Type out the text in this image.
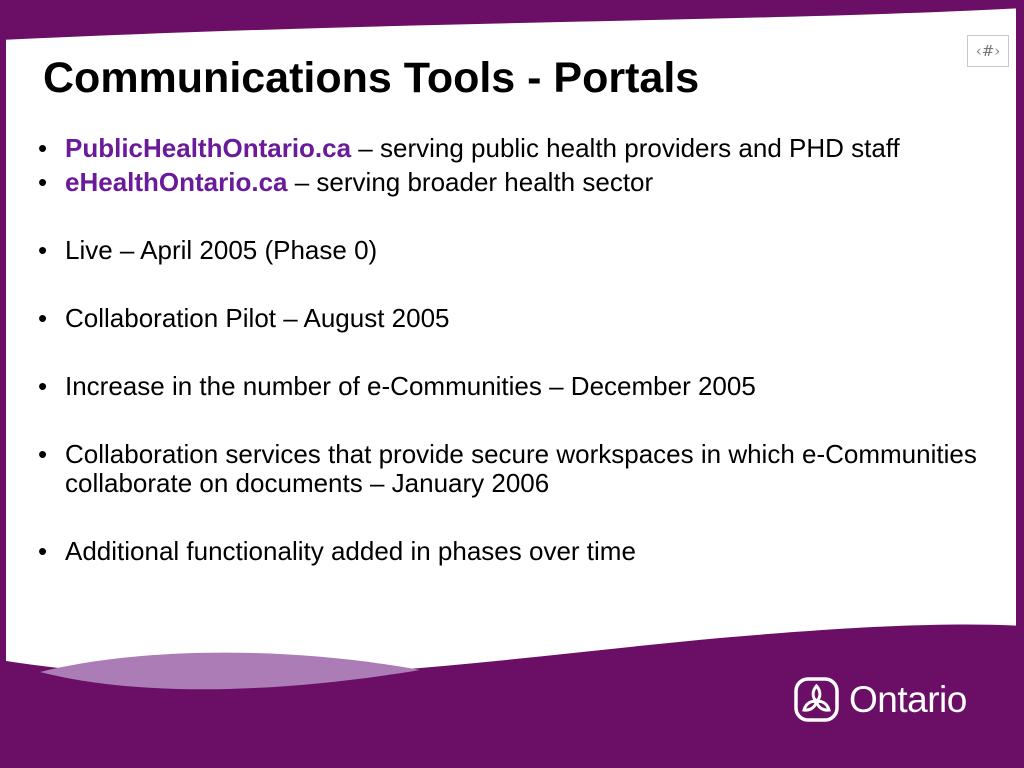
‹#›
Communications Tools - Portals
• PublicHealthOntario.ca – serving public health providers and PHD staff
• eHealthOntario.ca – serving broader health sector
• Live – April 2005 (Phase 0)
• Collaboration Pilot – August 2005
• Increase in the number of e-Communities – December 2005
• Collaboration services that provide secure workspaces in which e-Communities collaborate on documents – January 2006
• Additional functionality added in phases over time
Ontario
